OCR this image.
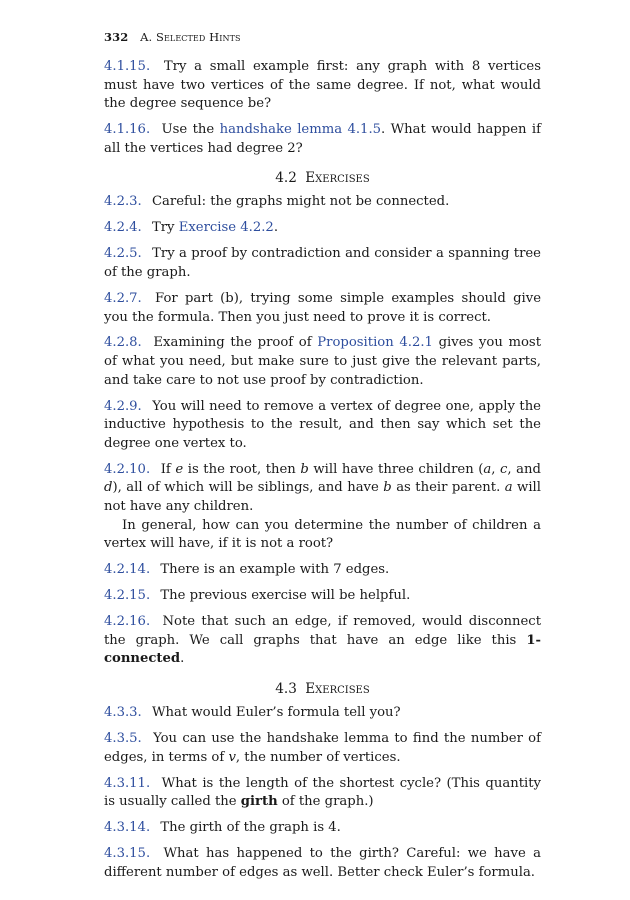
332 A. Selected Hints

4.1.15. Try a small example first: any graph with 8 vertices must have two vertices of the same degree. If not, what would the degree sequence be?

4.1.16. Use the handshake lemma 4.1.5. What would happen if all the vertices had degree 2?

4.2 Exercises

4.2.3. Careful: the graphs might not be connected.

4.2.4. Try Exercise 4.2.2.

4.2.5. Try a proof by contradiction and consider a spanning tree of the graph.

4.2.7. For part (b), trying some simple examples should give you the formula. Then you just need to prove it is correct.

4.2.8. Examining the proof of Proposition 4.2.1 gives you most of what you need, but make sure to just give the relevant parts, and take care to not use proof by contradiction.

4.2.9. You will need to remove a vertex of degree one, apply the inductive hypothesis to the result, and then say which set the degree one vertex to.

4.2.10. If e is the root, then b will have three children (a, c, and d), all of which will be siblings, and have b as their parent. a will not have any children.
In general, how can you determine the number of children a vertex will have, if it is not a root?

4.2.14. There is an example with 7 edges.

4.2.15. The previous exercise will be helpful.

4.2.16. Note that such an edge, if removed, would disconnect the graph. We call graphs that have an edge like this 1-connected.

4.3 Exercises

4.3.3. What would Euler’s formula tell you?

4.3.5. You can use the handshake lemma to find the number of edges, in terms of v, the number of vertices.

4.3.11. What is the length of the shortest cycle? (This quantity is usually called the girth of the graph.)

4.3.14. The girth of the graph is 4.

4.3.15. What has happened to the girth? Careful: we have a different number of edges as well. Better check Euler’s formula.
